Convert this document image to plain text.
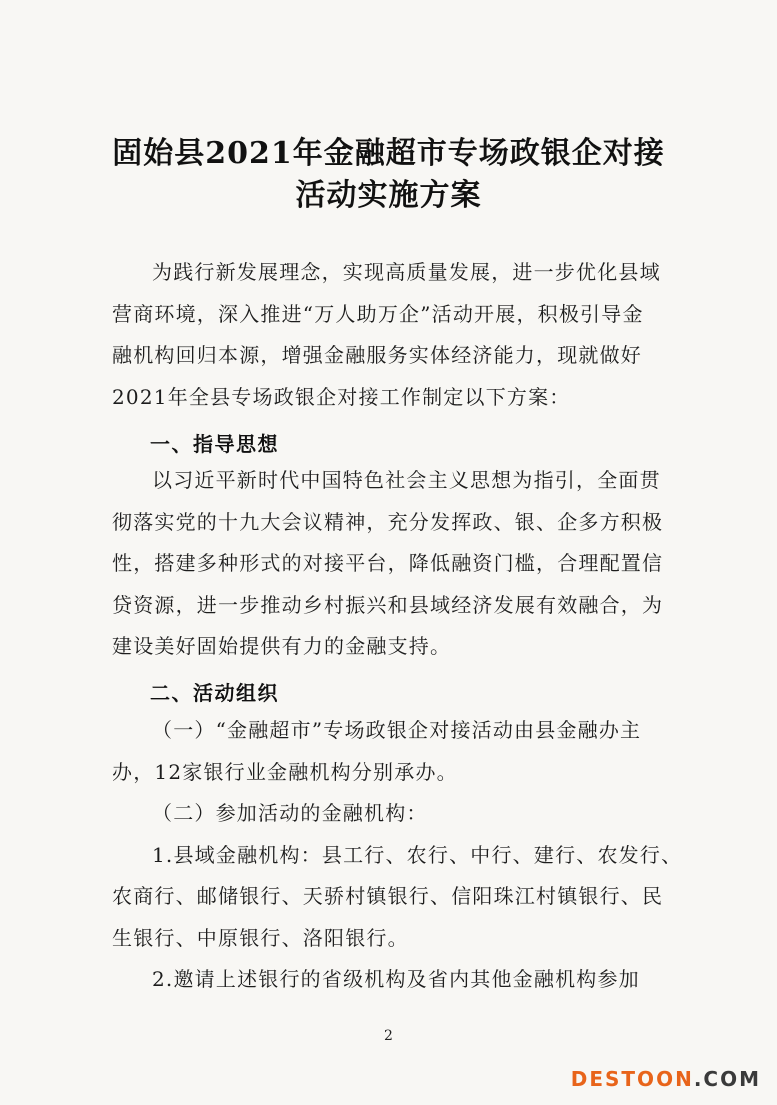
固始县2021年金融超市专场政银企对接
活动实施方案
为践行新发展理念，实现高质量发展，进一步优化县域
营商环境，深入推进“万人助万企”活动开展，积极引导金
融机构回归本源，增强金融服务实体经济能力，现就做好
2021年全县专场政银企对接工作制定以下方案：
一、指导思想
以习近平新时代中国特色社会主义思想为指引，全面贯
彻落实党的十九大会议精神，充分发挥政、银、企多方积极
性，搭建多种形式的对接平台，降低融资门槛，合理配置信
贷资源，进一步推动乡村振兴和县域经济发展有效融合，为
建设美好固始提供有力的金融支持。
二、活动组织
（一）“金融超市”专场政银企对接活动由县金融办主
办，12家银行业金融机构分别承办。
（二）参加活动的金融机构：
1.县域金融机构：县工行、农行、中行、建行、农发行、
农商行、邮储银行、天骄村镇银行、信阳珠江村镇银行、民
生银行、中原银行、洛阳银行。
2.邀请上述银行的省级机构及省内其他金融机构参加
2
DESTOON.COM
